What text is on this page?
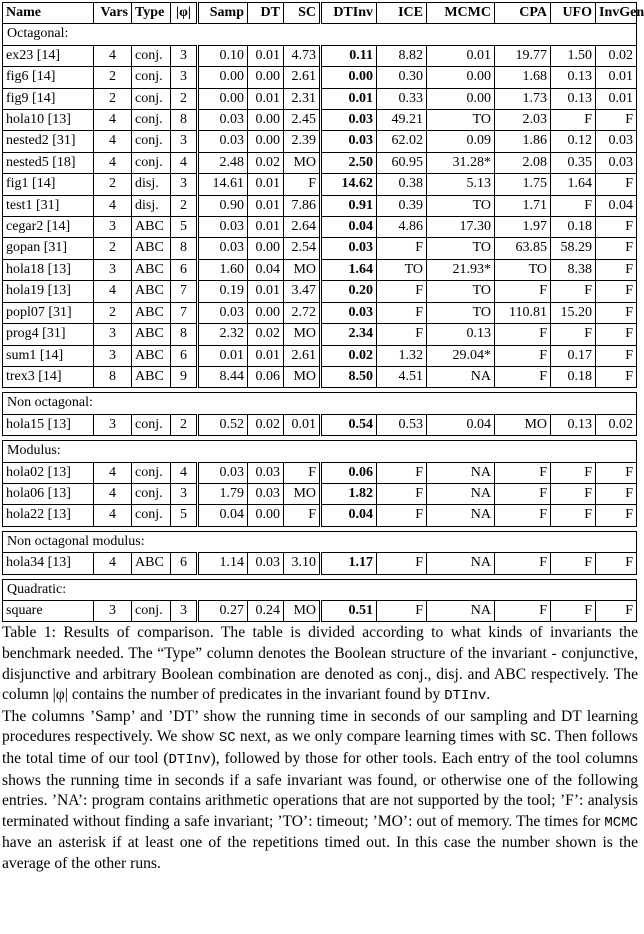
Name	Vars	Type	|φ|	Samp	DT	SC	DTInv	ICE	MCMC	CPA	UFO	InvGen
Octagonal:												
ex23 [14]	4	conj.	3	0.10	0.01	4.73	0.11	8.82	0.01	19.77	1.50	0.02
fig6 [14]	2	conj.	3	0.00	0.00	2.61	0.00	0.30	0.00	1.68	0.13	0.01
fig9 [14]	2	conj.	2	0.00	0.01	2.31	0.01	0.33	0.00	1.73	0.13	0.01
hola10 [13]	4	conj.	8	0.03	0.00	2.45	0.03	49.21	TO	2.03	F	F
nested2 [31]	4	conj.	3	0.03	0.00	2.39	0.03	62.02	0.09	1.86	0.12	0.03
nested5 [18]	4	conj.	4	2.48	0.02	MO	2.50	60.95	31.28*	2.08	0.35	0.03
fig1 [14]	2	disj.	3	14.61	0.01	F	14.62	0.38	5.13	1.75	1.64	F
test1 [31]	4	disj.	2	0.90	0.01	7.86	0.91	0.39	TO	1.71	F	0.04
cegar2 [14]	3	ABC	5	0.03	0.01	2.64	0.04	4.86	17.30	1.97	0.18	F
gopan [31]	2	ABC	8	0.03	0.00	2.54	0.03	F	TO	63.85	58.29	F
hola18 [13]	3	ABC	6	1.60	0.04	MO	1.64	TO	21.93*	TO	8.38	F
hola19 [13]	4	ABC	7	0.19	0.01	3.47	0.20	F	TO	F	F	F
popl07 [31]	2	ABC	7	0.03	0.00	2.72	0.03	F	TO	110.81	15.20	F
prog4 [31]	3	ABC	8	2.32	0.02	MO	2.34	F	0.13	F	F	F
sum1 [14]	3	ABC	6	0.01	0.01	2.61	0.02	1.32	29.04*	F	0.17	F
trex3 [14]	8	ABC	9	8.44	0.06	MO	8.50	4.51	NA	F	0.18	F

Non octagonal:												
hola15 [13]	3	conj.	2	0.52	0.02	0.01	0.54	0.53	0.04	MO	0.13	0.02

Modulus:												
hola02 [13]	4	conj.	4	0.03	0.03	F	0.06	F	NA	F	F	F
hola06 [13]	4	conj.	3	1.79	0.03	MO	1.82	F	NA	F	F	F
hola22 [13]	4	conj.	5	0.04	0.00	F	0.04	F	NA	F	F	F

Non octagonal modulus:												
hola34 [13]	4	ABC	6	1.14	0.03	3.10	1.17	F	NA	F	F	F

Quadratic:												
square	3	conj.	3	0.27	0.24	MO	0.51	F	NA	F	F	F

Table 1: Results of comparison. The table is divided according to what kinds of invariants the benchmark needed. The “Type” column denotes the Boolean structure of the invariant - conjunctive, disjunctive and arbitrary Boolean combination are denoted as conj., disj. and ABC respectively. The column |φ| contains the number of predicates in the invariant found by DTInv.

The columns ’Samp’ and ’DT’ show the running time in seconds of our sampling and DT learning procedures respectively. We show SC next, as we only compare learning times with SC. Then follows the total time of our tool (DTInv), followed by those for other tools. Each entry of the tool columns shows the running time in seconds if a safe invariant was found, or otherwise one of the following entries. ’NA’: program contains arithmetic operations that are not supported by the tool; ’F’: analysis terminated without finding a safe invariant; ’TO’: timeout; ’MO’: out of memory. The times for MCMC have an asterisk if at least one of the repetitions timed out. In this case the number shown is the average of the other runs.
